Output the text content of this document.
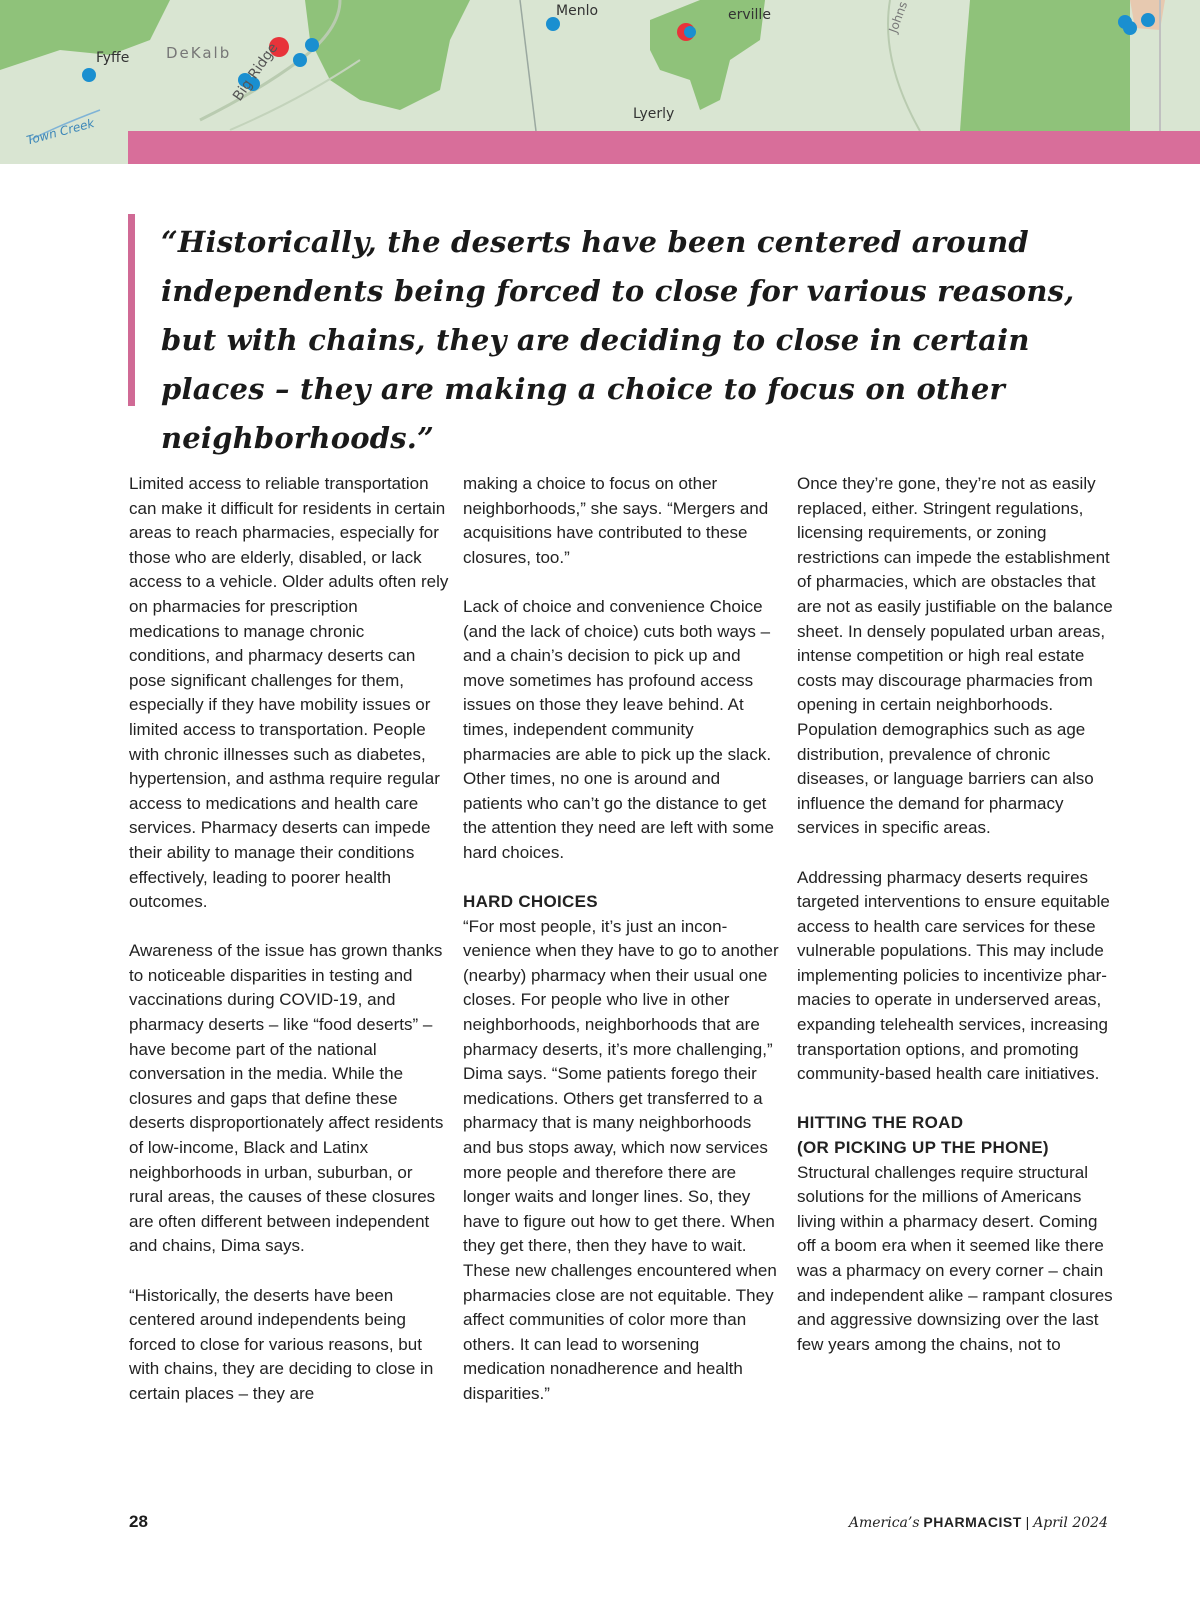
Fyffe DeKalb
Menlo	erville
Lyerly
Big Ridge
Town Creek
Johns

“Historically, the deserts have been centered around independents being forced to close for various reasons, but with chains, they are deciding to close in certain places – they are making a choice to focus on other neighborhoods.”

Limited access to reliable transportation can make it difficult for residents in certain areas to reach pharmacies, especially for those who are elderly, disabled, or lack access to a vehicle. Older adults often rely on pharmacies for prescription medications to manage chronic conditions, and pharmacy deserts can pose significant challenges for them, especially if they have mobility issues or limited access to transportation. People with chronic illnesses such as diabetes, hypertension, and asthma require regular access to medications and health care services. Pharmacy deserts can impede their ability to manage their conditions effectively, leading to poorer health outcomes.

Awareness of the issue has grown thanks to noticeable disparities in testing and vaccinations during COVID-19, and pharmacy deserts – like “food deserts” – have become part of the national conversation in the media. While the closures and gaps that define these deserts disproportionately affect residents of low-income, Black and Latinx neighborhoods in urban, suburban, or rural areas, the causes of these closures are often different between independent and chains, Dima says.

“Historically, the deserts have been centered around independents being forced to close for various reasons, but with chains, they are deciding to close in certain places – they are

making a choice to focus on other neighborhoods,” she says. “Mergers and acquisitions have contributed to these closures, too.”

Lack of choice and convenience Choice (and the lack of choice) cuts both ways – and a chain’s decision to pick up and move sometimes has profound access issues on those they leave behind. At times, independent community pharmacies are able to pick up the slack. Other times, no one is around and patients who can’t go the distance to get the attention they need are left with some hard choices.

HARD CHOICES

“For most people, it’s just an inconvenience when they have to go to another (nearby) pharmacy when their usual one closes. For people who live in other neighborhoods, neighborhoods that are pharmacy deserts, it’s more challenging,” Dima says. “Some patients forego their medications. Others get transferred to a pharmacy that is many neighborhoods and bus stops away, which now services more people and therefore there are longer waits and longer lines. So, they have to figure out how to get there. When they get there, then they have to wait. These new challenges encountered when pharmacies close are not equitable. They affect communities of color more than others. It can lead to worsening medication nonadherence and health disparities.”

Once they’re gone, they’re not as easily replaced, either. Stringent regulations, licensing requirements, or zoning restrictions can impede the establishment of pharmacies, which are obstacles that are not as easily justifiable on the balance sheet. In densely populated urban areas, intense competition or high real estate costs may discourage pharmacies from opening in certain neighborhoods. Population demographics such as age distribution, prevalence of chronic diseases, or language barriers can also influence the demand for pharmacy services in specific areas.

Addressing pharmacy deserts requires targeted interventions to ensure equitable access to health care services for these vulnerable populations. This may include implementing policies to incentivize pharmacies to operate in underserved areas, expanding telehealth services, increasing transportation options, and promoting community-based health care initiatives.

HITTING THE ROAD
(OR PICKING UP THE PHONE)

Structural challenges require structural solutions for the millions of Americans living within a pharmacy desert. Coming off a boom era when it seemed like there was a pharmacy on every corner – chain and independent alike – rampant closures and aggressive downsizing over the last few years among the chains, not to

28	America’s PHARMACIST | April 2024
